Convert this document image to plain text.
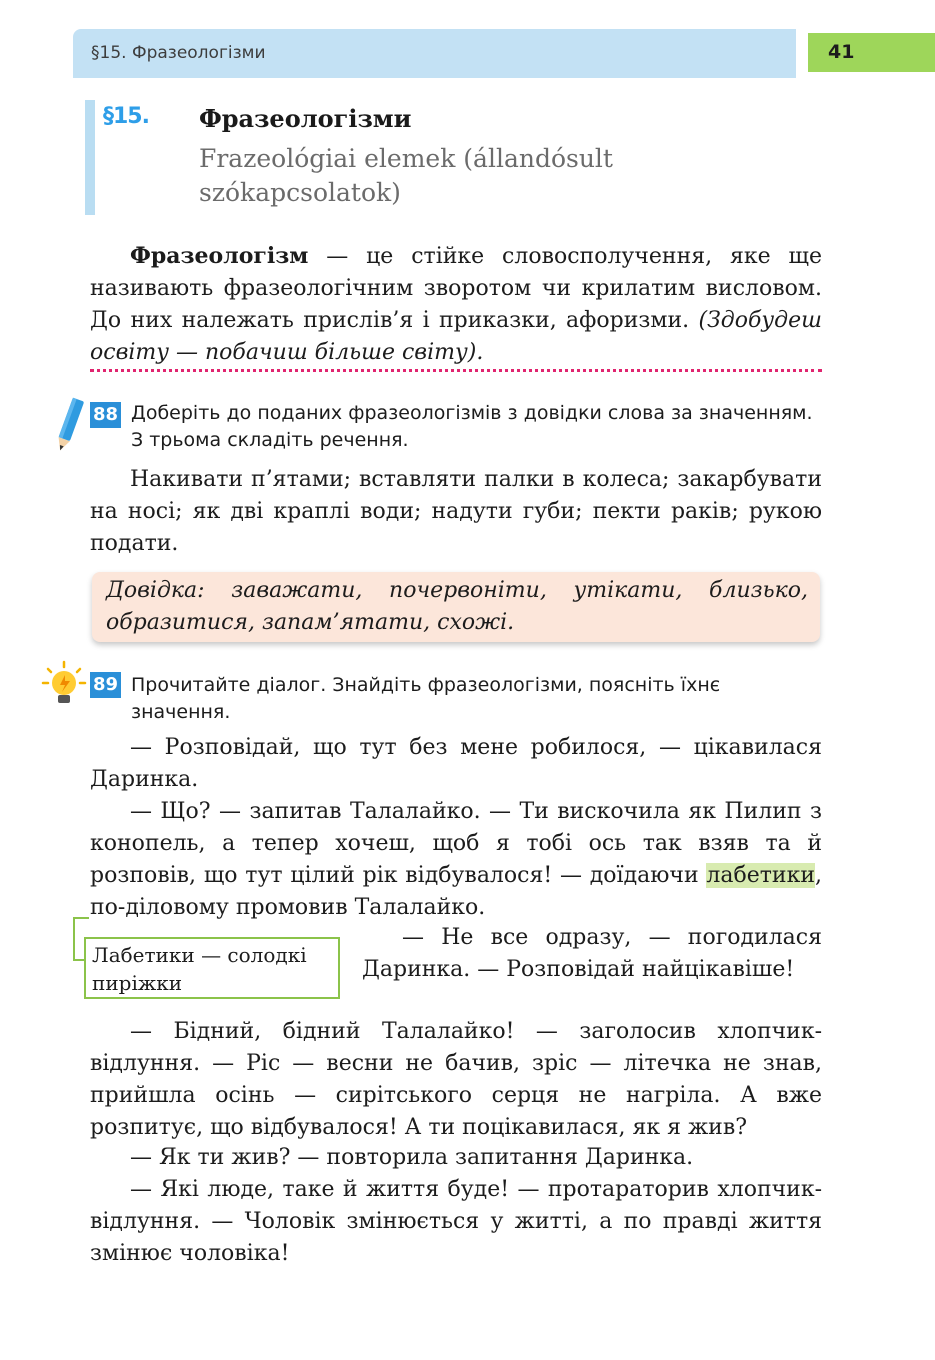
§15. Фразеологізми	41
§15. Фразеологізми
Frazeológiai elemek (állandósult szókapcsolatok)
Фразеологізм — це стійке словосполучення, яке ще називають фразеологічним зворотом чи крилатим висловом. До них належать прислів’я і приказки, афоризми. (Здобудеш освіту — побачиш більше світу).
88 Доберіть до поданих фразеологізмів з довідки слова за значенням. З трьома складіть речення.
Накивати п’ятами; вставляти палки в колеса; закарбувати на носі; як дві краплі води; надути губи; пекти раків; рукою подати.
Довідка: заважати, почервоніти, утікати, близько, образитися, запам’ятати, схожі.
89 Прочитайте діалог. Знайдіть фразеологізми, поясніть їхнє значення.
— Розповідай, що тут без мене робилося, — цікавилася Даринка.
— Що? — запитав Талалайко. — Ти вискочила як Пилип з конопель, а тепер хочеш, щоб я тобі ось так взяв та й розповів, що тут цілий рік відбувалося! — доїдаючи лабетики, по-діловому промовив Талалайко.
— Не все одразу, — погодилася Даринка. — Розповідай найцікавіше!
Лабетики — солодкі пиріжки
— Бідний, бідний Талалайко! — заголосив хлопчик-відлуння. — Ріс — весни не бачив, зріс — літечка не знав, прийшла осінь — сирітського серця не нагріла. А вже розпитує, що відбувалося! А ти поцікавилася, як я жив?
— Як ти жив? — повторила запитання Даринка.
— Які люде, таке й життя буде! — протараторив хлопчик-відлуння. — Чоловік змінюється у житті, а по правді життя змінює чоловіка!
